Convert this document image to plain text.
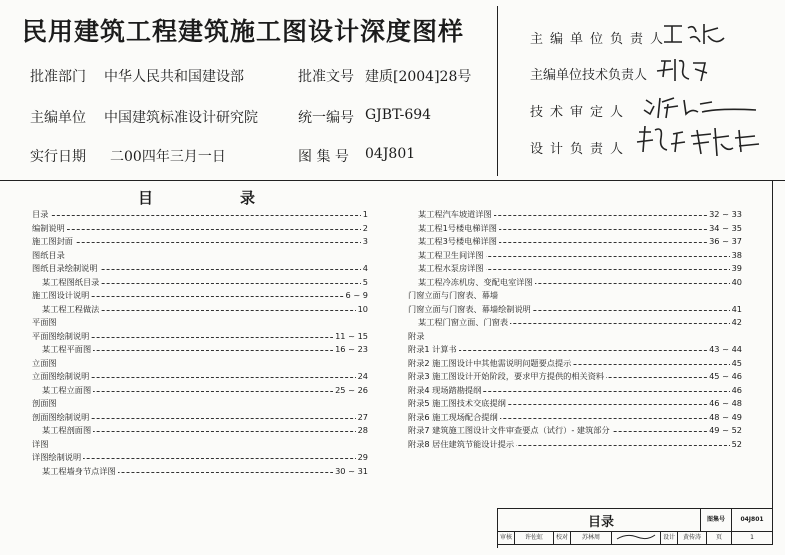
民用建筑工程建筑施工图设计深度图样
批准部门 中华人民共和国建设部	批准文号 建质[2004]28号
主编单位 中国建筑标准设计研究院	统一编号 GJBT-694
实行日期 二00四年三月一日	图 集 号 04J801
主编单位负责人
主编单位技术负责人
技术审定人
设计负责人
目	录
目录	1
编制说明	2
施工图封面	3
图纸目录
图纸目录绘制说明	4
某工程图纸目录	5
施工图设计说明	6 ~ 9
某工程工程做法	10
平面图
平面图绘制说明	11 ~ 15
某工程平面图	16 ~ 23
立面图
立面图绘制说明	24
某工程立面图	25 ~ 26
剖面图
剖面图绘制说明	27
某工程剖面图	28
详图
详图绘制说明	29
某工程墙身节点详图	30 ~ 31
某工程汽车坡道详图	32 ~ 33
某工程1号楼电梯详图	34 ~ 35
某工程3号楼电梯详图	36 ~ 37
某工程卫生间详图	38
某工程水泵房详图	39
某工程冷冻机房、变配电室详图	40
门窗立面与门窗表、幕墙
门窗立面与门窗表、幕墙绘制说明	41
某工程门窗立面、门窗表	42
附录
附录1 计算书	43 ~ 44
附录2 施工图设计中其他需说明问题要点提示	45
附录3 施工图设计开始阶段，要求甲方提供的相关资料	45 ~ 46
附录4 现场踏勘提纲	46
附录5 施工图技术交底提纲	46 ~ 48
附录6 施工现场配合提纲	48 ~ 49
附录7 建筑施工图设计文件审查要点（试行）- 建筑部分	49 ~ 52
附录8 居住建筑节能设计提示	52
目录	图集号	04J801
审核	许佐虹	校对	苏林周	设计	黄传涛	页	1
